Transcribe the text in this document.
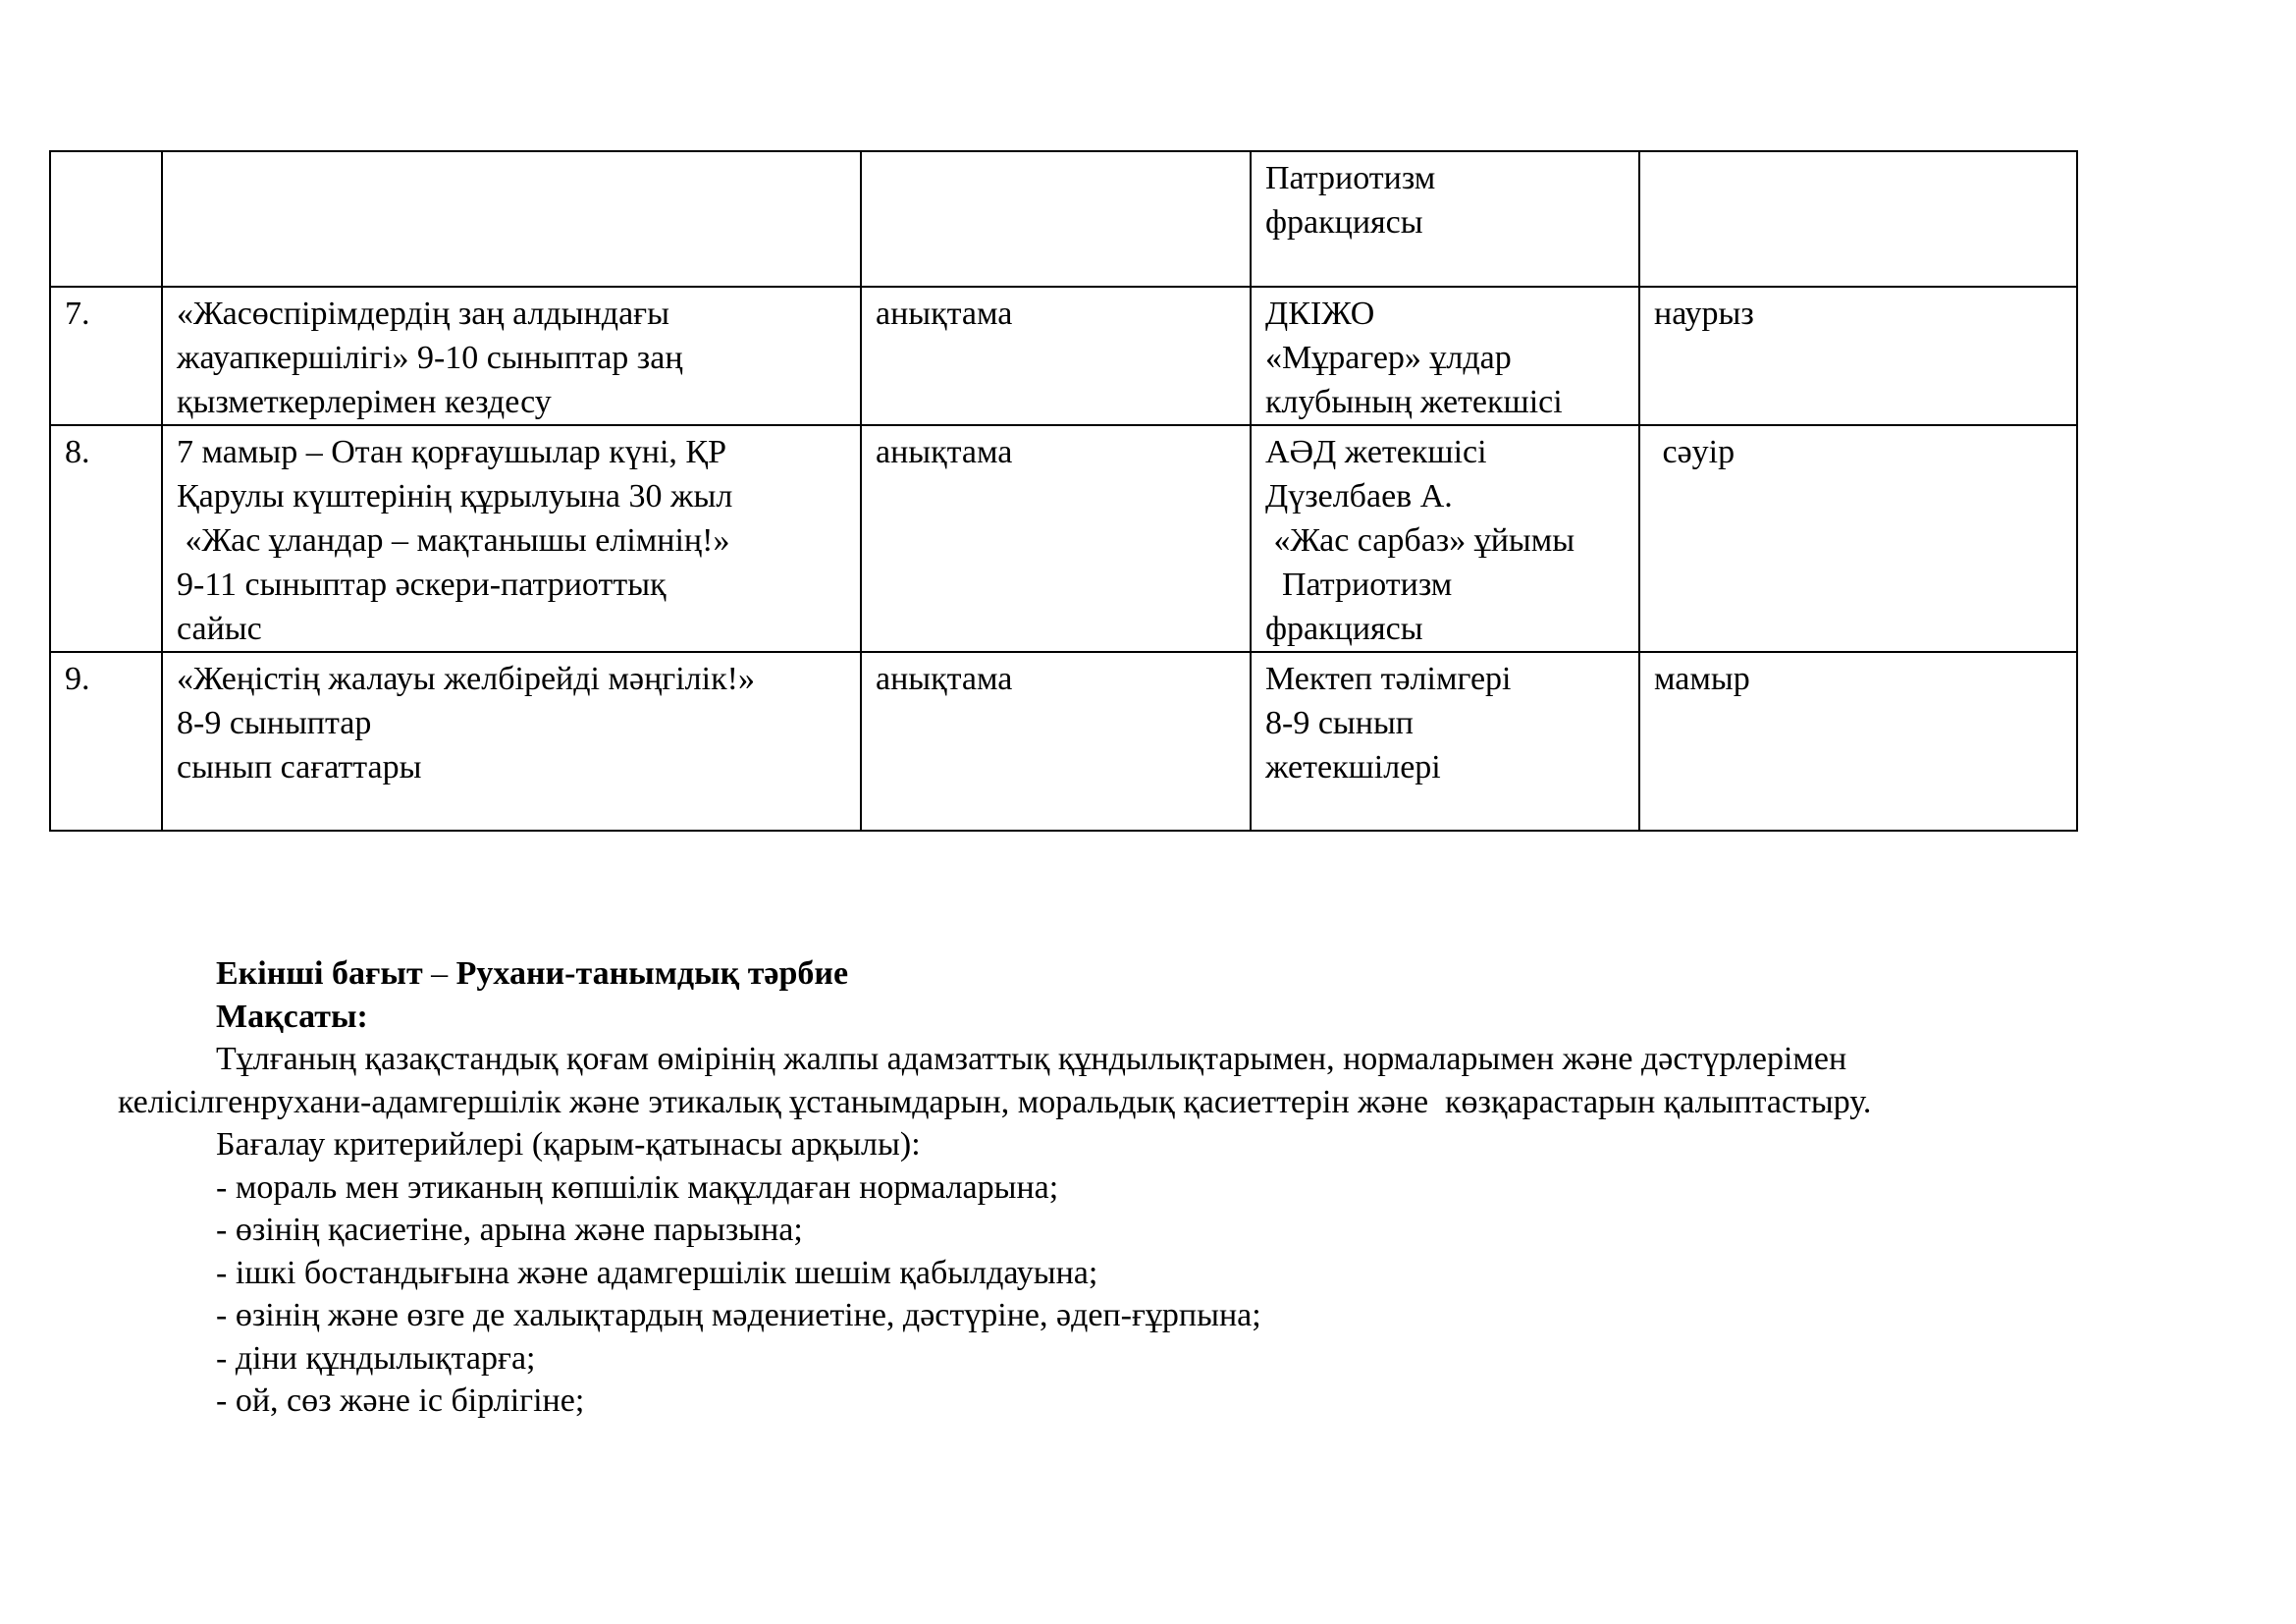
			Патриотизм
фракциясы	

7.	«Жасөспірімдердің заң алдындағы
жауапкершілігі» 9-10 сыныптар заң
қызметкерлерімен кездесу	анықтама	ДКІЖО
«Мұрагер» ұлдар
клубының жетекшісі	наурыз

8.	7 мамыр – Отан қорғаушылар күні, ҚР
Қарулы күштерінің құрылуына 30 жыл
«Жас ұландар – мақтанышы елімнің!»
9-11 сыныптар әскери-патриоттық
сайыс	анықтама	АӘД жетекшісі
Дүзелбаев А.
«Жас сарбаз» ұйымы
Патриотизм
фракциясы	сәуір

9.	«Жеңістің жалауы желбірейді мәңгілік!»
8-9 сыныптар
сынып сағаттары	анықтама	Мектеп тәлімгері
8-9 сынып
жетекшілері	мамыр
Екінші бағыт – Рухани-танымдық тәрбие
Мақсаты:
Тұлғаның қазақстандық қоғам өмірінің жалпы адамзаттық құндылықтарымен, нормаларымен және дәстүрлерімен
келісілгенрухани-адамгершілік және этикалық ұстанымдарын, моральдық қасиеттерін және  көзқарастарын қалыптастыру.
Бағалау критерийлері (қарым-қатынасы арқылы):
- мораль мен этиканың көпшілік мақұлдаған нормаларына;
- өзінің қасиетіне, арына және парызына;
- ішкі бостандығына және адамгершілік шешім қабылдауына;
- өзінің және өзге де халықтардың мәдениетіне, дәстүріне, әдеп-ғұрпына;
- діни құндылықтарға;
- ой, сөз және іс бірлігіне;
